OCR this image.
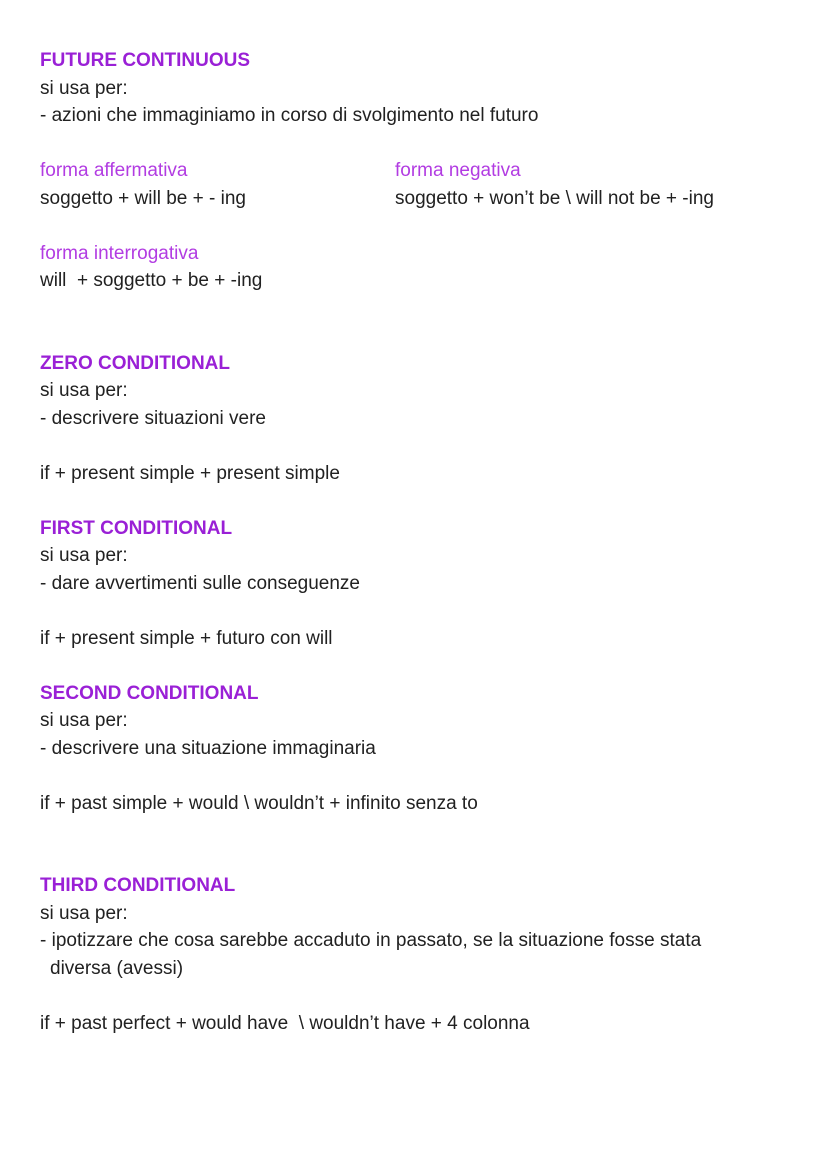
FUTURE CONTINUOUS
si usa per:
- azioni che immaginiamo in corso di svolgimento nel futuro
forma affermativa	forma negativa
soggetto + will be + - ing	soggetto + won’t be \ will not be + -ing
forma interrogativa
will  + soggetto + be + -ing
ZERO CONDITIONAL
si usa per:
- descrivere situazioni vere
if + present simple + present simple
FIRST CONDITIONAL
si usa per:
- dare avvertimenti sulle conseguenze
if + present simple + futuro con will
SECOND CONDITIONAL
si usa per:
- descrivere una situazione immaginaria
if + past simple + would \ wouldn’t + infinito senza to
THIRD CONDITIONAL
si usa per:
- ipotizzare che cosa sarebbe accaduto in passato, se la situazione fosse stata
diversa (avessi)
if + past perfect + would have  \ wouldn’t have + 4 colonna
